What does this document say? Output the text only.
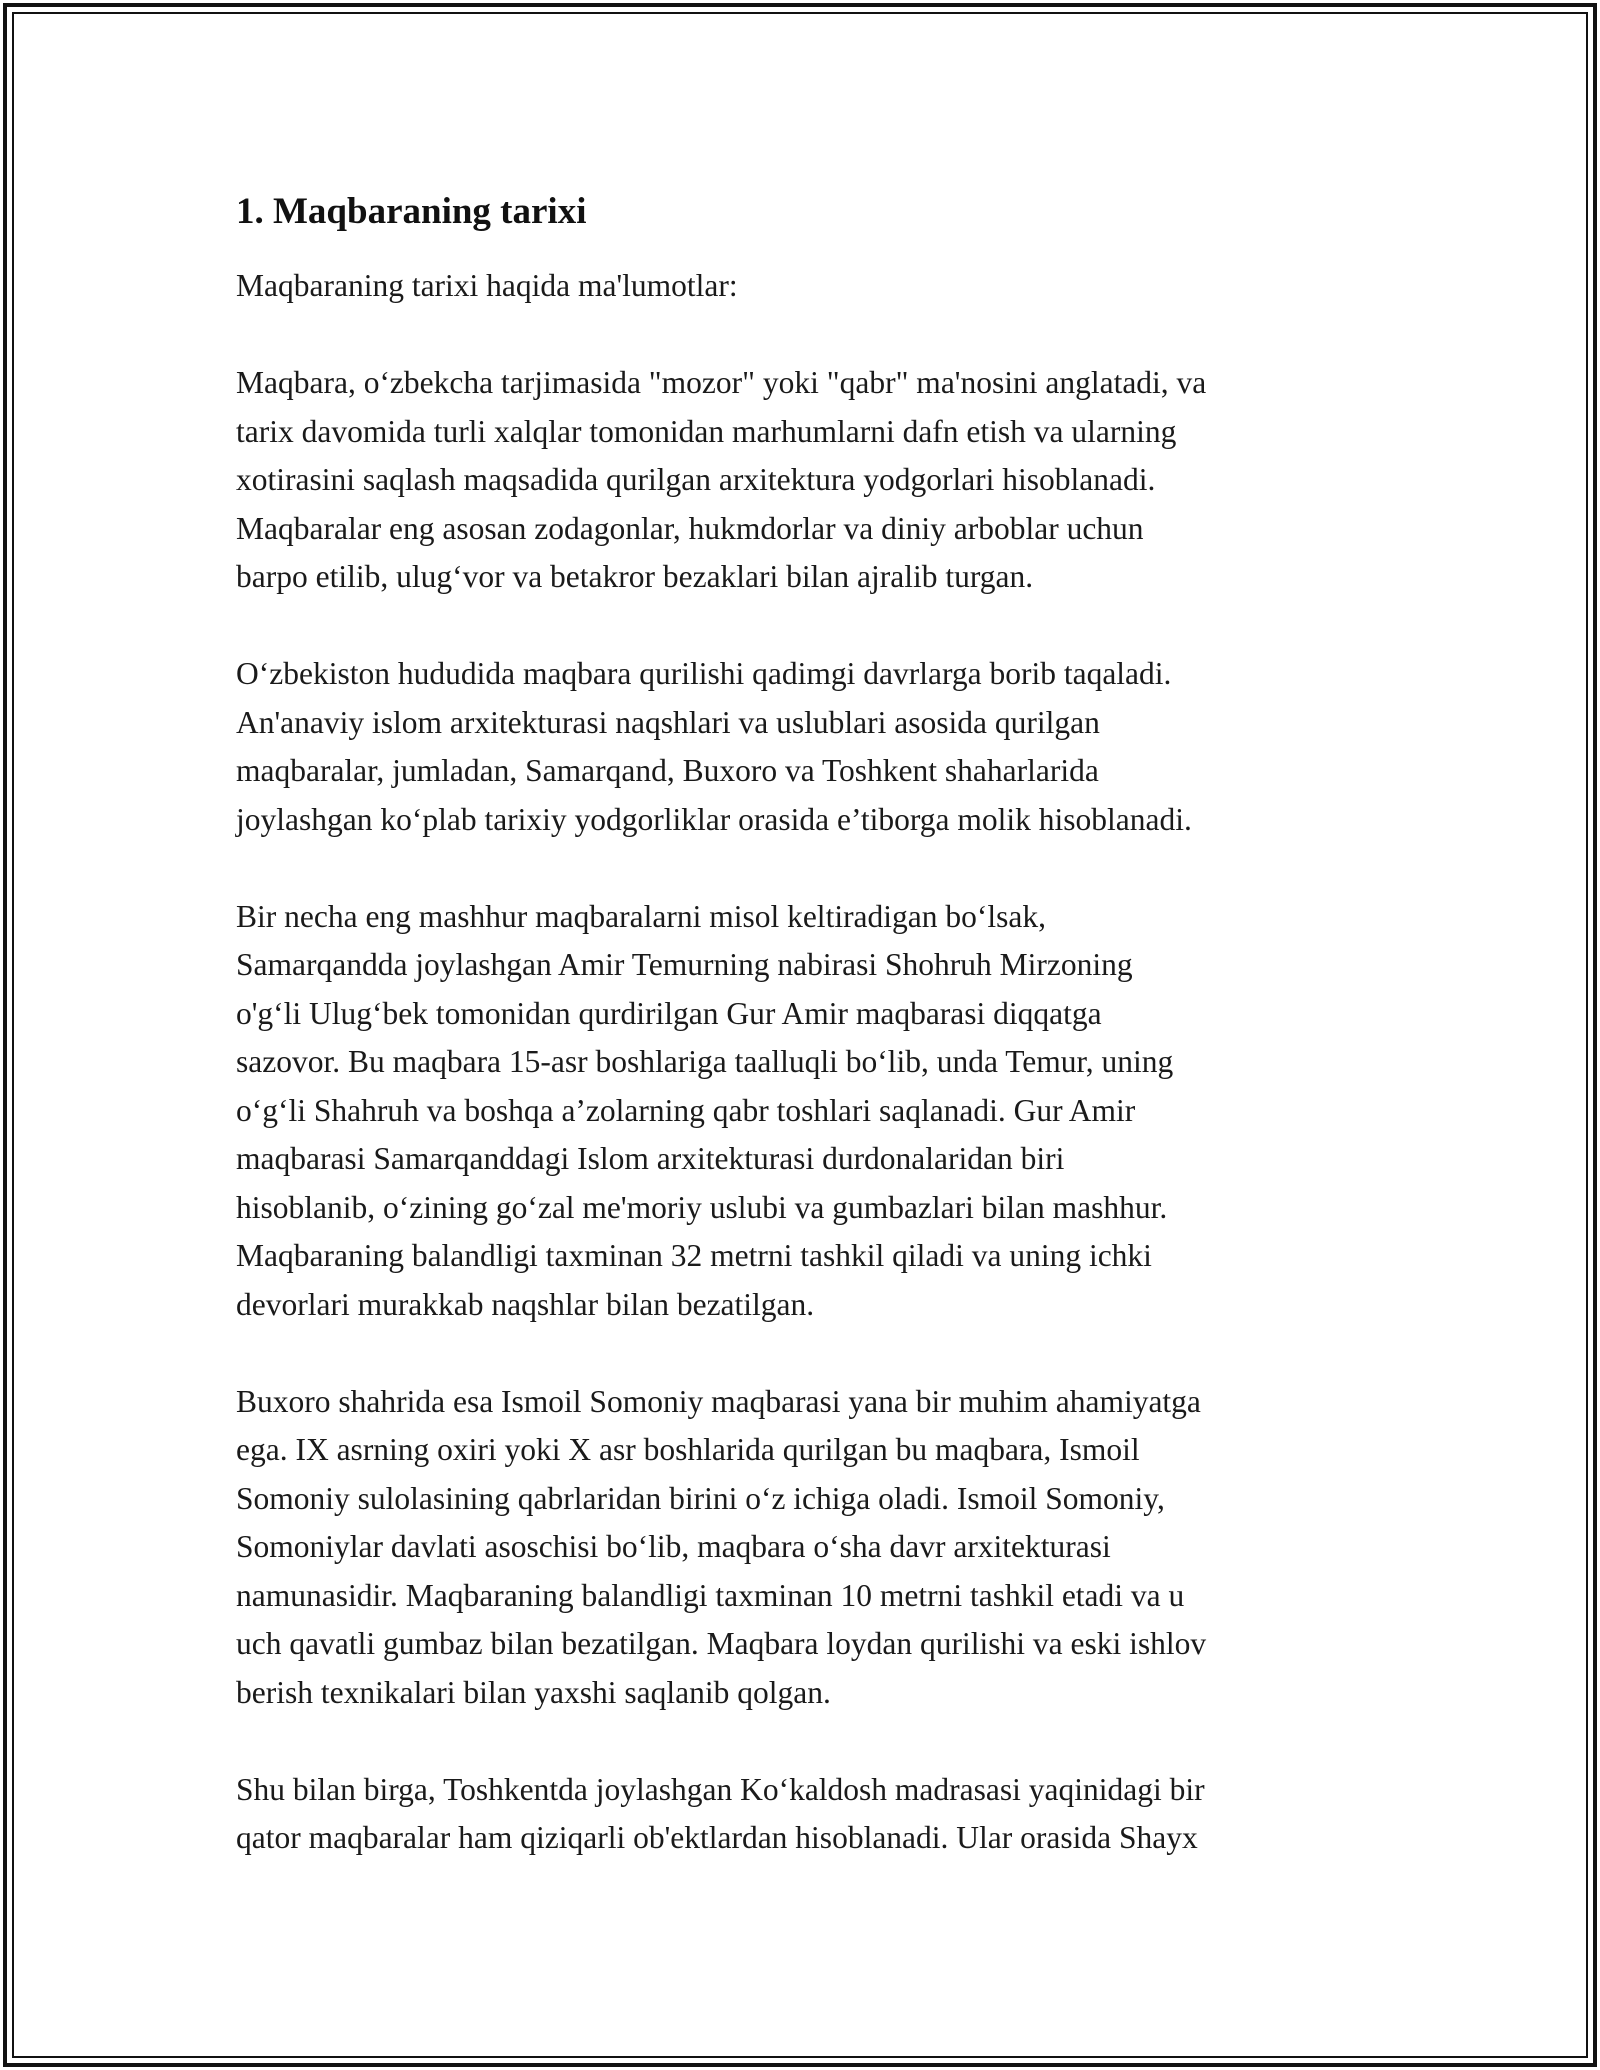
1. Maqbaraning tarixi
Maqbaraning tarixi haqida ma'lumotlar:
Maqbara, o‘zbekcha tarjimasida "mozor" yoki "qabr" ma'nosini anglatadi, va
tarix davomida turli xalqlar tomonidan marhumlarni dafn etish va ularning
xotirasini saqlash maqsadida qurilgan arxitektura yodgorlari hisoblanadi.
Maqbaralar eng asosan zodagonlar, hukmdorlar va diniy arboblar uchun
barpo etilib, ulug‘vor va betakror bezaklari bilan ajralib turgan.
O‘zbekiston hududida maqbara qurilishi qadimgi davrlarga borib taqaladi.
An'anaviy islom arxitekturasi naqshlari va uslublari asosida qurilgan
maqbaralar, jumladan, Samarqand, Buxoro va Toshkent shaharlarida
joylashgan ko‘plab tarixiy yodgorliklar orasida e’tiborga molik hisoblanadi.
Bir necha eng mashhur maqbaralarni misol keltiradigan bo‘lsak,
Samarqandda joylashgan Amir Temurning nabirasi Shohruh Mirzoning
o'g‘li Ulug‘bek tomonidan qurdirilgan Gur Amir maqbarasi diqqatga
sazovor. Bu maqbara 15-asr boshlariga taalluqli bo‘lib, unda Temur, uning
o‘g‘li Shahruh va boshqa a’zolarning qabr toshlari saqlanadi. Gur Amir
maqbarasi Samarqanddagi Islom arxitekturasi durdonalaridan biri
hisoblanib, o‘zining go‘zal me'moriy uslubi va gumbazlari bilan mashhur.
Maqbaraning balandligi taxminan 32 metrni tashkil qiladi va uning ichki
devorlari murakkab naqshlar bilan bezatilgan.
Buxoro shahrida esa Ismoil Somoniy maqbarasi yana bir muhim ahamiyatga
ega. IX asrning oxiri yoki X asr boshlarida qurilgan bu maqbara, Ismoil
Somoniy sulolasining qabrlaridan birini o‘z ichiga oladi. Ismoil Somoniy,
Somoniylar davlati asoschisi bo‘lib, maqbara o‘sha davr arxitekturasi
namunasidir. Maqbaraning balandligi taxminan 10 metrni tashkil etadi va u
uch qavatli gumbaz bilan bezatilgan. Maqbara loydan qurilishi va eski ishlov
berish texnikalari bilan yaxshi saqlanib qolgan.
Shu bilan birga, Toshkentda joylashgan Ko‘kaldosh madrasasi yaqinidagi bir
qator maqbaralar ham qiziqarli ob'ektlardan hisoblanadi. Ular orasida Shayx
